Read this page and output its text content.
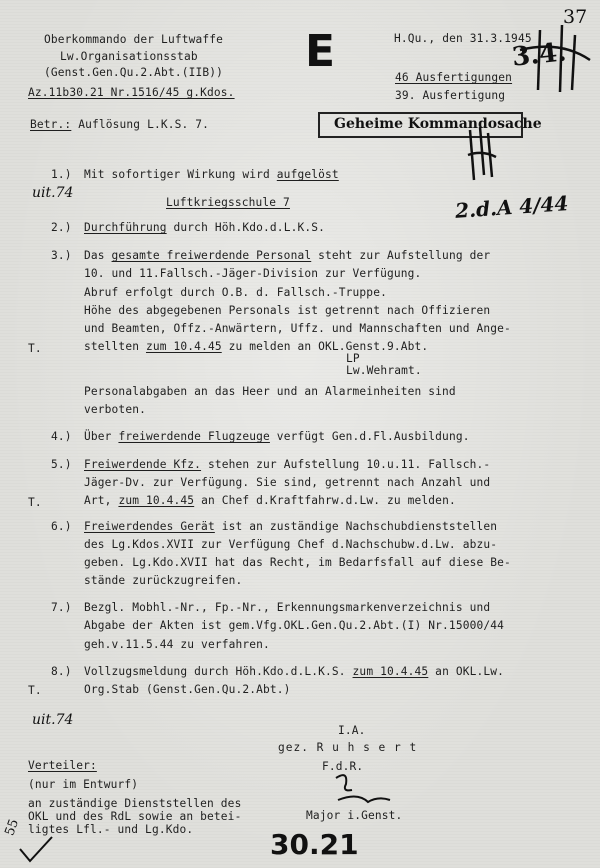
Oberkommando der Luftwaffe
Lw.Organisationsstab
(Genst.Gen.Qu.2.Abt.(IIB))
Az.11b30.21 Nr.1516/45 g.Kdos.
H.Qu., den 31.3.1945
46 Ausfertigungen
39. Ausfertigung
37
E	3.4.
Geheime Kommandosache
Betr.: Auflösung L.K.S. 7.
1.) Mit sofortiger Wirkung wird aufgelöst
Luftkriegsschule 7
uit.74	2.d.A 4/44
2.) Durchführung durch Höh.Kdo.d.L.K.S.
3.) Das gesamte freiwerdende Personal steht zur Aufstellung der
10. und 11.Fallsch.-Jäger-Division zur Verfügung.
Abruf erfolgt durch O.B. d. Fallsch.-Truppe.
Höhe des abgegebenen Personals ist getrennt nach Offizieren
und Beamten, Offz.-Anwärtern, Uffz. und Mannschaften und Ange-
T.	stellten zum 10.4.45 zu melden an OKL.Genst.9.Abt.
LP
Lw.Wehramt.
Personalabgaben an das Heer und an Alarmeinheiten sind
verboten.
4.) Über freiwerdende Flugzeuge verfügt Gen.d.Fl.Ausbildung.
5.) Freiwerdende Kfz. stehen zur Aufstellung 10.u.11. Fallsch.-
Jäger-Dv. zur Verfügung. Sie sind, getrennt nach Anzahl und
T.	Art, zum 10.4.45 an Chef d.Kraftfahrw.d.Lw. zu melden.
6.) Freiwerdendes Gerät ist an zuständige Nachschubdienststellen
des Lg.Kdos.XVII zur Verfügung Chef d.Nachschubw.d.Lw. abzu-
geben. Lg.Kdo.XVII hat das Recht, im Bedarfsfall auf diese Be-
stände zurückzugreifen.
7.) Bezgl. Mobhl.-Nr., Fp.-Nr., Erkennungsmarkenverzeichnis und
Abgabe der Akten ist gem.Vfg.OKL.Gen.Qu.2.Abt.(I) Nr.15000/44
geh.v.11.5.44 zu verfahren.
8.) Vollzugsmeldung durch Höh.Kdo.d.L.K.S. zum 10.4.45 an OKL.Lw.
T.	Org.Stab (Genst.Gen.Qu.2.Abt.)
uit.74
I.A.
gez. R u h s e r t
F.d.R.
Major i.Genst.
Verteiler:
(nur im Entwurf)
an zuständige Dienststellen des
OKL und des RdL sowie an betei-
ligtes Lfl.- und Lg.Kdo.	30.21
55
